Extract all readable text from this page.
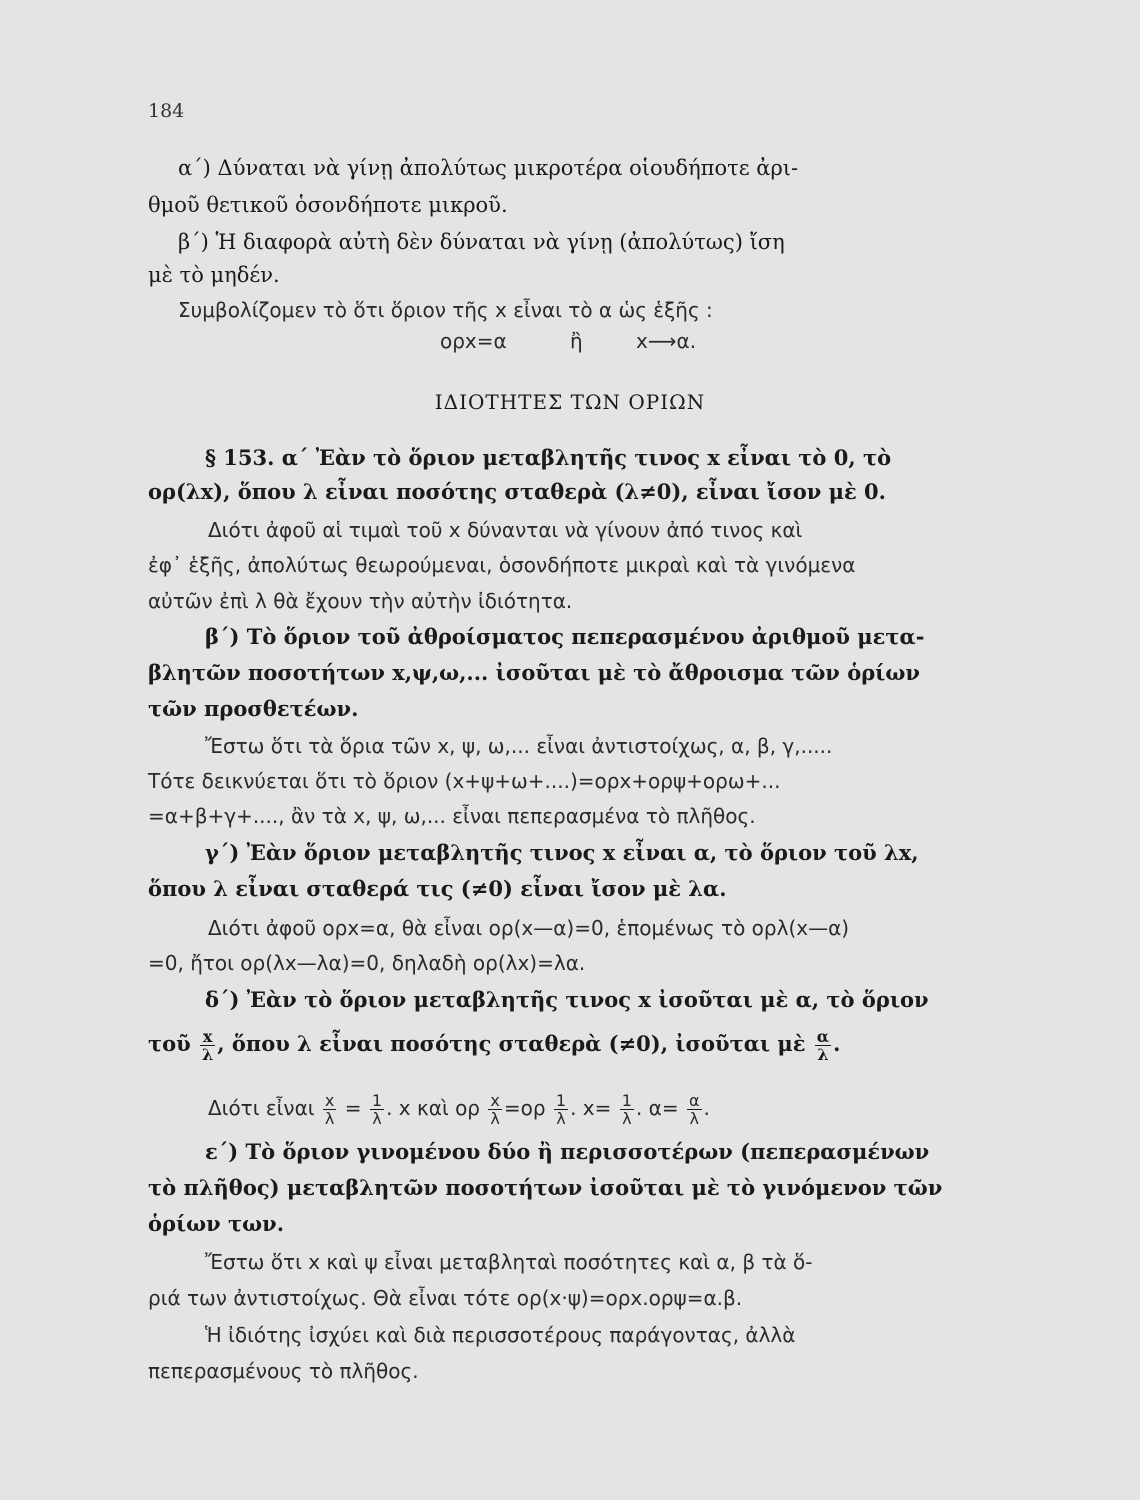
184
α΄) Δύναται νὰ γίνῃ ἀπολύτως μικροτέρα οἱουδήποτε ἀρι-
θμοῦ θετικοῦ ὁσονδήποτε μικροῦ.
β΄) Ἡ διαφορὰ αὐτὴ δὲν δύναται νὰ γίνῃ (ἀπολύτως) ἴση
μὲ τὸ μηδέν.
Συμβολίζομεν τὸ ὅτι ὅριον τῆς x εἶναι τὸ α ὡς ἑξῆς :
ορx=α	ἢ	x⟶α.
ΙΔΙΟΤΗΤΕΣ ΤΩΝ ΟΡΙΩΝ
§ 153. α΄ Ἐὰν τὸ ὅριον μεταβλητῆς τινος x εἶναι τὸ 0, τὸ
ορ(λx), ὅπου λ εἶναι ποσότης σταθερὰ (λ≠0), εἶναι ἴσον μὲ 0.
Διότι ἀφοῦ αἱ τιμαὶ τοῦ x δύνανται νὰ γίνουν ἀπό τινος καὶ
ἐφ᾽ ἑξῆς, ἀπολύτως θεωρούμεναι, ὁσονδήποτε μικραὶ καὶ τὰ γινόμενα
αὐτῶν ἐπὶ λ θὰ ἔχουν τὴν αὐτὴν ἰδιότητα.
β΄) Τὸ ὅριον τοῦ ἀθροίσματος πεπερασμένου ἀριθμοῦ μετα-
βλητῶν ποσοτήτων x,ψ,ω,... ἰσοῦται μὲ τὸ ἄθροισμα τῶν ὁρίων
τῶν προσθετέων.
Ἔστω ὅτι τὰ ὅρια τῶν x, ψ, ω,... εἶναι ἀντιστοίχως, α, β, γ,.....
Τότε δεικνύεται ὅτι τὸ ὅριον (x+ψ+ω+....)=ορx+ορψ+ορω+...
=α+β+γ+...., ἂν τὰ x, ψ, ω,... εἶναι πεπερασμένα τὸ πλῆθος.
γ΄) Ἐὰν ὅριον μεταβλητῆς τινος x εἶναι α, τὸ ὅριον τοῦ λx,
ὅπου λ εἶναι σταθερά τις (≠0) εἶναι ἴσον μὲ λα.
Διότι ἀφοῦ ορx=α, θὰ εἶναι ορ(x—α)=0, ἑπομένως τὸ ορλ(x—α)
=0, ἤτοι ορ(λx—λα)=0, δηλαδὴ ορ(λx)=λα.
δ΄) Ἐὰν τὸ ὅριον μεταβλητῆς τινος x ἰσοῦται μὲ α, τὸ ὅριον
τοῦ $\frac{x}{\lambda}$ , ὅπου λ εἶναι ποσότης σταθερὰ (≠0), ἰσοῦται μὲ $\frac{\alpha}{\lambda}$ .
Διότι εἶναι $\frac{x}{\lambda} = \frac{1}{\lambda}$ . x καὶ ορ $\frac{x}{\lambda} =o\rho \frac{1}{\lambda}$ . $x= \frac{1}{\lambda}$ . $\alpha= \frac{\alpha}{\lambda}$ .
ε΄) Τὸ ὅριον γινομένου δύο ἢ περισσοτέρων (πεπερασμένων
τὸ πλῆθος) μεταβλητῶν ποσοτήτων ἰσοῦται μὲ τὸ γινόμενον τῶν
ὁρίων των.
Ἔστω ὅτι x καὶ ψ εἶναι μεταβληταὶ ποσότητες καὶ α, β τὰ ὅ-
ριά των ἀντιστοίχως. Θὰ εἶναι τότε ορ(x·ψ)=ορx.ορψ=α.β.
Ἡ ἰδιότης ἰσχύει καὶ διὰ περισσοτέρους παράγοντας, ἀλλὰ
πεπερασμένους τὸ πλῆθος.
